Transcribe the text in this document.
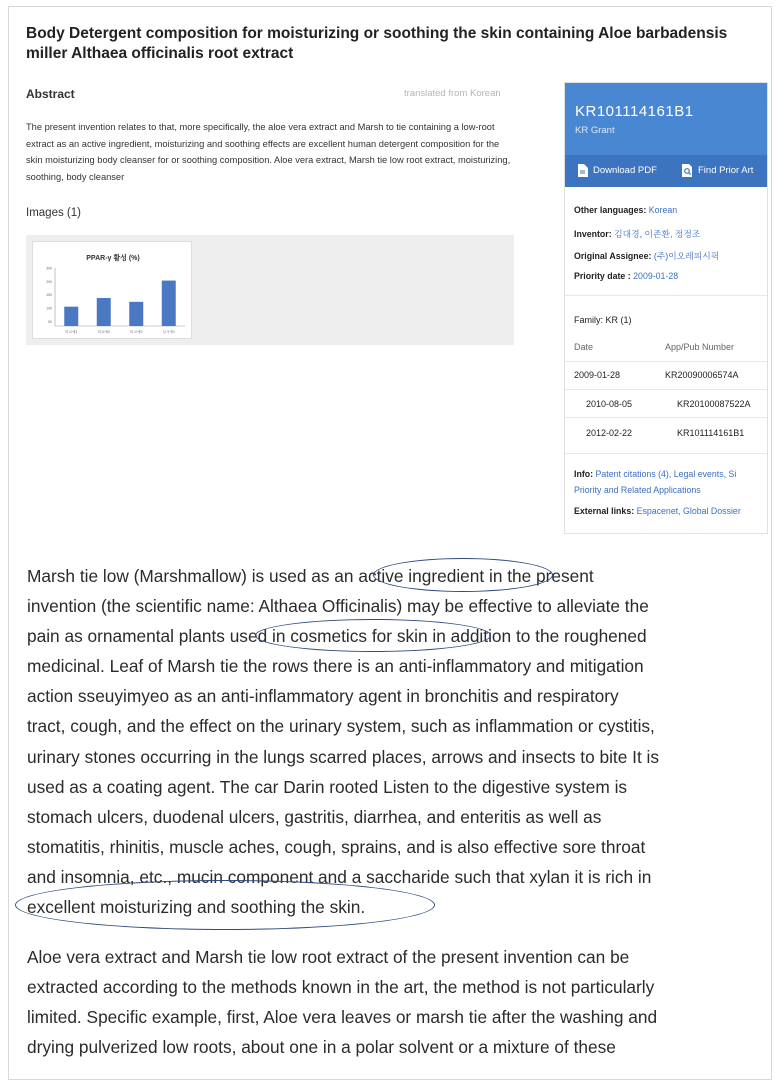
Body Detergent composition for moisturizing or soothing the skin containing Aloe barbadensis miller Althaea officinalis root extract
Abstract	translated from Korean
The present invention relates to that, more specifically, the aloe vera extract and Marsh to tie containing a low-root extract as an active ingredient, moisturizing and soothing effects are excellent human detergent composition for the skin moisturizing body cleanser for or soothing composition. Aloe vera extract, Marsh tie low root extract, moisturizing, soothing, body cleanser
Images (1)
PPAR-γ 활성 (%)
300
200
150
100
50
비교예1	비교예2	비교예3	실시예1
KR101114161B1
KR Grant
Download PDF	Find Prior Art
Other languages: Korean
Inventor: 김대경, 이존환, 정정조
Original Assignee: (주)이오레피시픽
Priority date : 2009-01-28
Family: KR (1)
Date	App/Pub Number
2009-01-28	KR20090006574A
2010-08-05	KR20100087522A
2012-02-22	KR101114161B1
Info: Patent citations (4), Legal events, Si
Priority and Related Applications
External links: Espacenet, Global Dossier
Marsh tie low (Marshmallow) is used as an active ingredient in the present
invention (the scientific name: Althaea Officinalis) may be effective to alleviate the
pain as ornamental plants used in cosmetics for skin in addition to the roughened
medicinal. Leaf of Marsh tie the rows there is an anti-inflammatory and mitigation
action sseuyimyeo as an anti-inflammatory agent in bronchitis and respiratory
tract, cough, and the effect on the urinary system, such as inflammation or cystitis,
urinary stones occurring in the lungs scarred places, arrows and insects to bite It is
used as a coating agent. The car Darin rooted Listen to the digestive system is
stomach ulcers, duodenal ulcers, gastritis, diarrhea, and enteritis as well as
stomatitis, rhinitis, muscle aches, cough, sprains, and is also effective sore throat
and insomnia, etc., mucin component and a saccharide such that xylan it is rich in
excellent moisturizing and soothing the skin.
Aloe vera extract and Marsh tie low root extract of the present invention can be
extracted according to the methods known in the art, the method is not particularly
limited. Specific example, first, Aloe vera leaves or marsh tie after the washing and
drying pulverized low roots, about one in a polar solvent or a mixture of these
